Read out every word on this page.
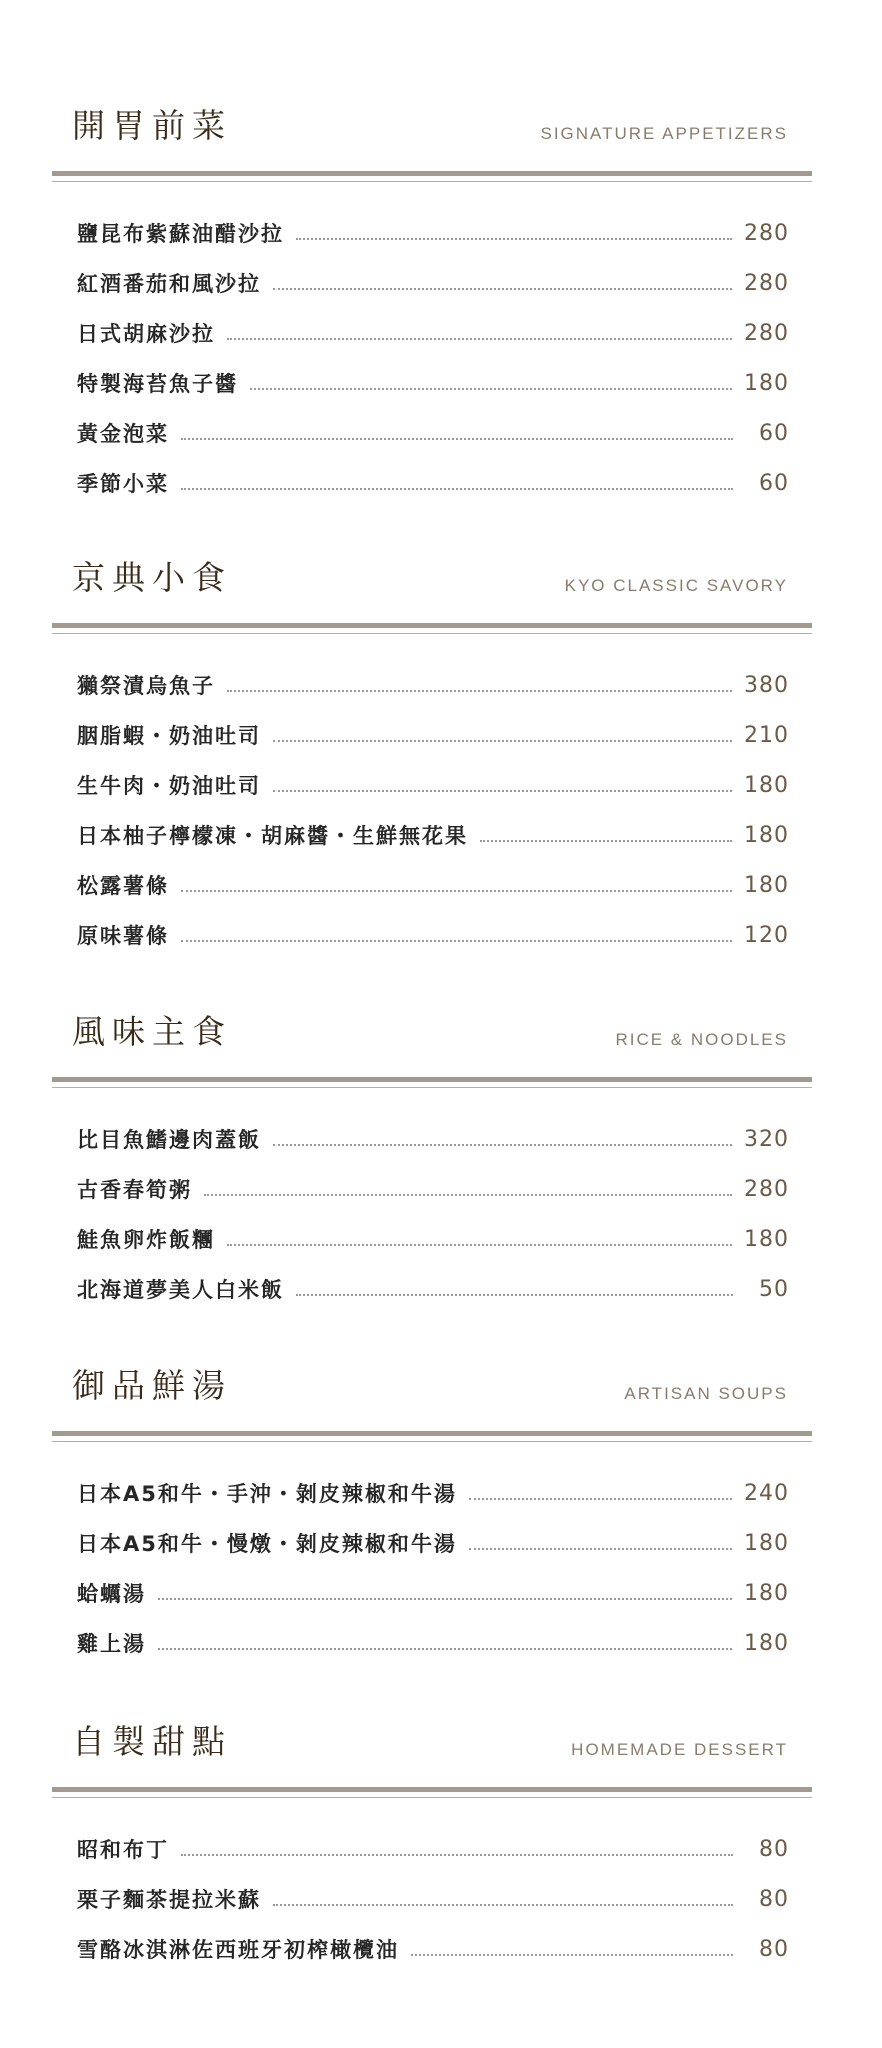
開胃前菜	SIGNATURE APPETIZERS
鹽昆布紫蘇油醋沙拉	280
紅酒番茄和風沙拉	280
日式胡麻沙拉	280
特製海苔魚子醬	180
黃金泡菜	60
季節小菜	60
京典小食	KYO CLASSIC SAVORY
獺祭漬烏魚子	380
胭脂蝦・奶油吐司	210
生牛肉・奶油吐司	180
日本柚子檸檬凍・胡麻醬・生鮮無花果	180
松露薯條	180
原味薯條	120
風味主食	RICE & NOODLES
比目魚鰭邊肉蓋飯	320
古香春筍粥	280
鮭魚卵炸飯糰	180
北海道夢美人白米飯	50
御品鮮湯	ARTISAN SOUPS
日本A5和牛・手沖・剝皮辣椒和牛湯	240
日本A5和牛・慢燉・剝皮辣椒和牛湯	180
蛤蠣湯	180
雞上湯	180
自製甜點	HOMEMADE DESSERT
昭和布丁	80
栗子麵茶提拉米蘇	80
雪酪冰淇淋佐西班牙初榨橄欖油	80
